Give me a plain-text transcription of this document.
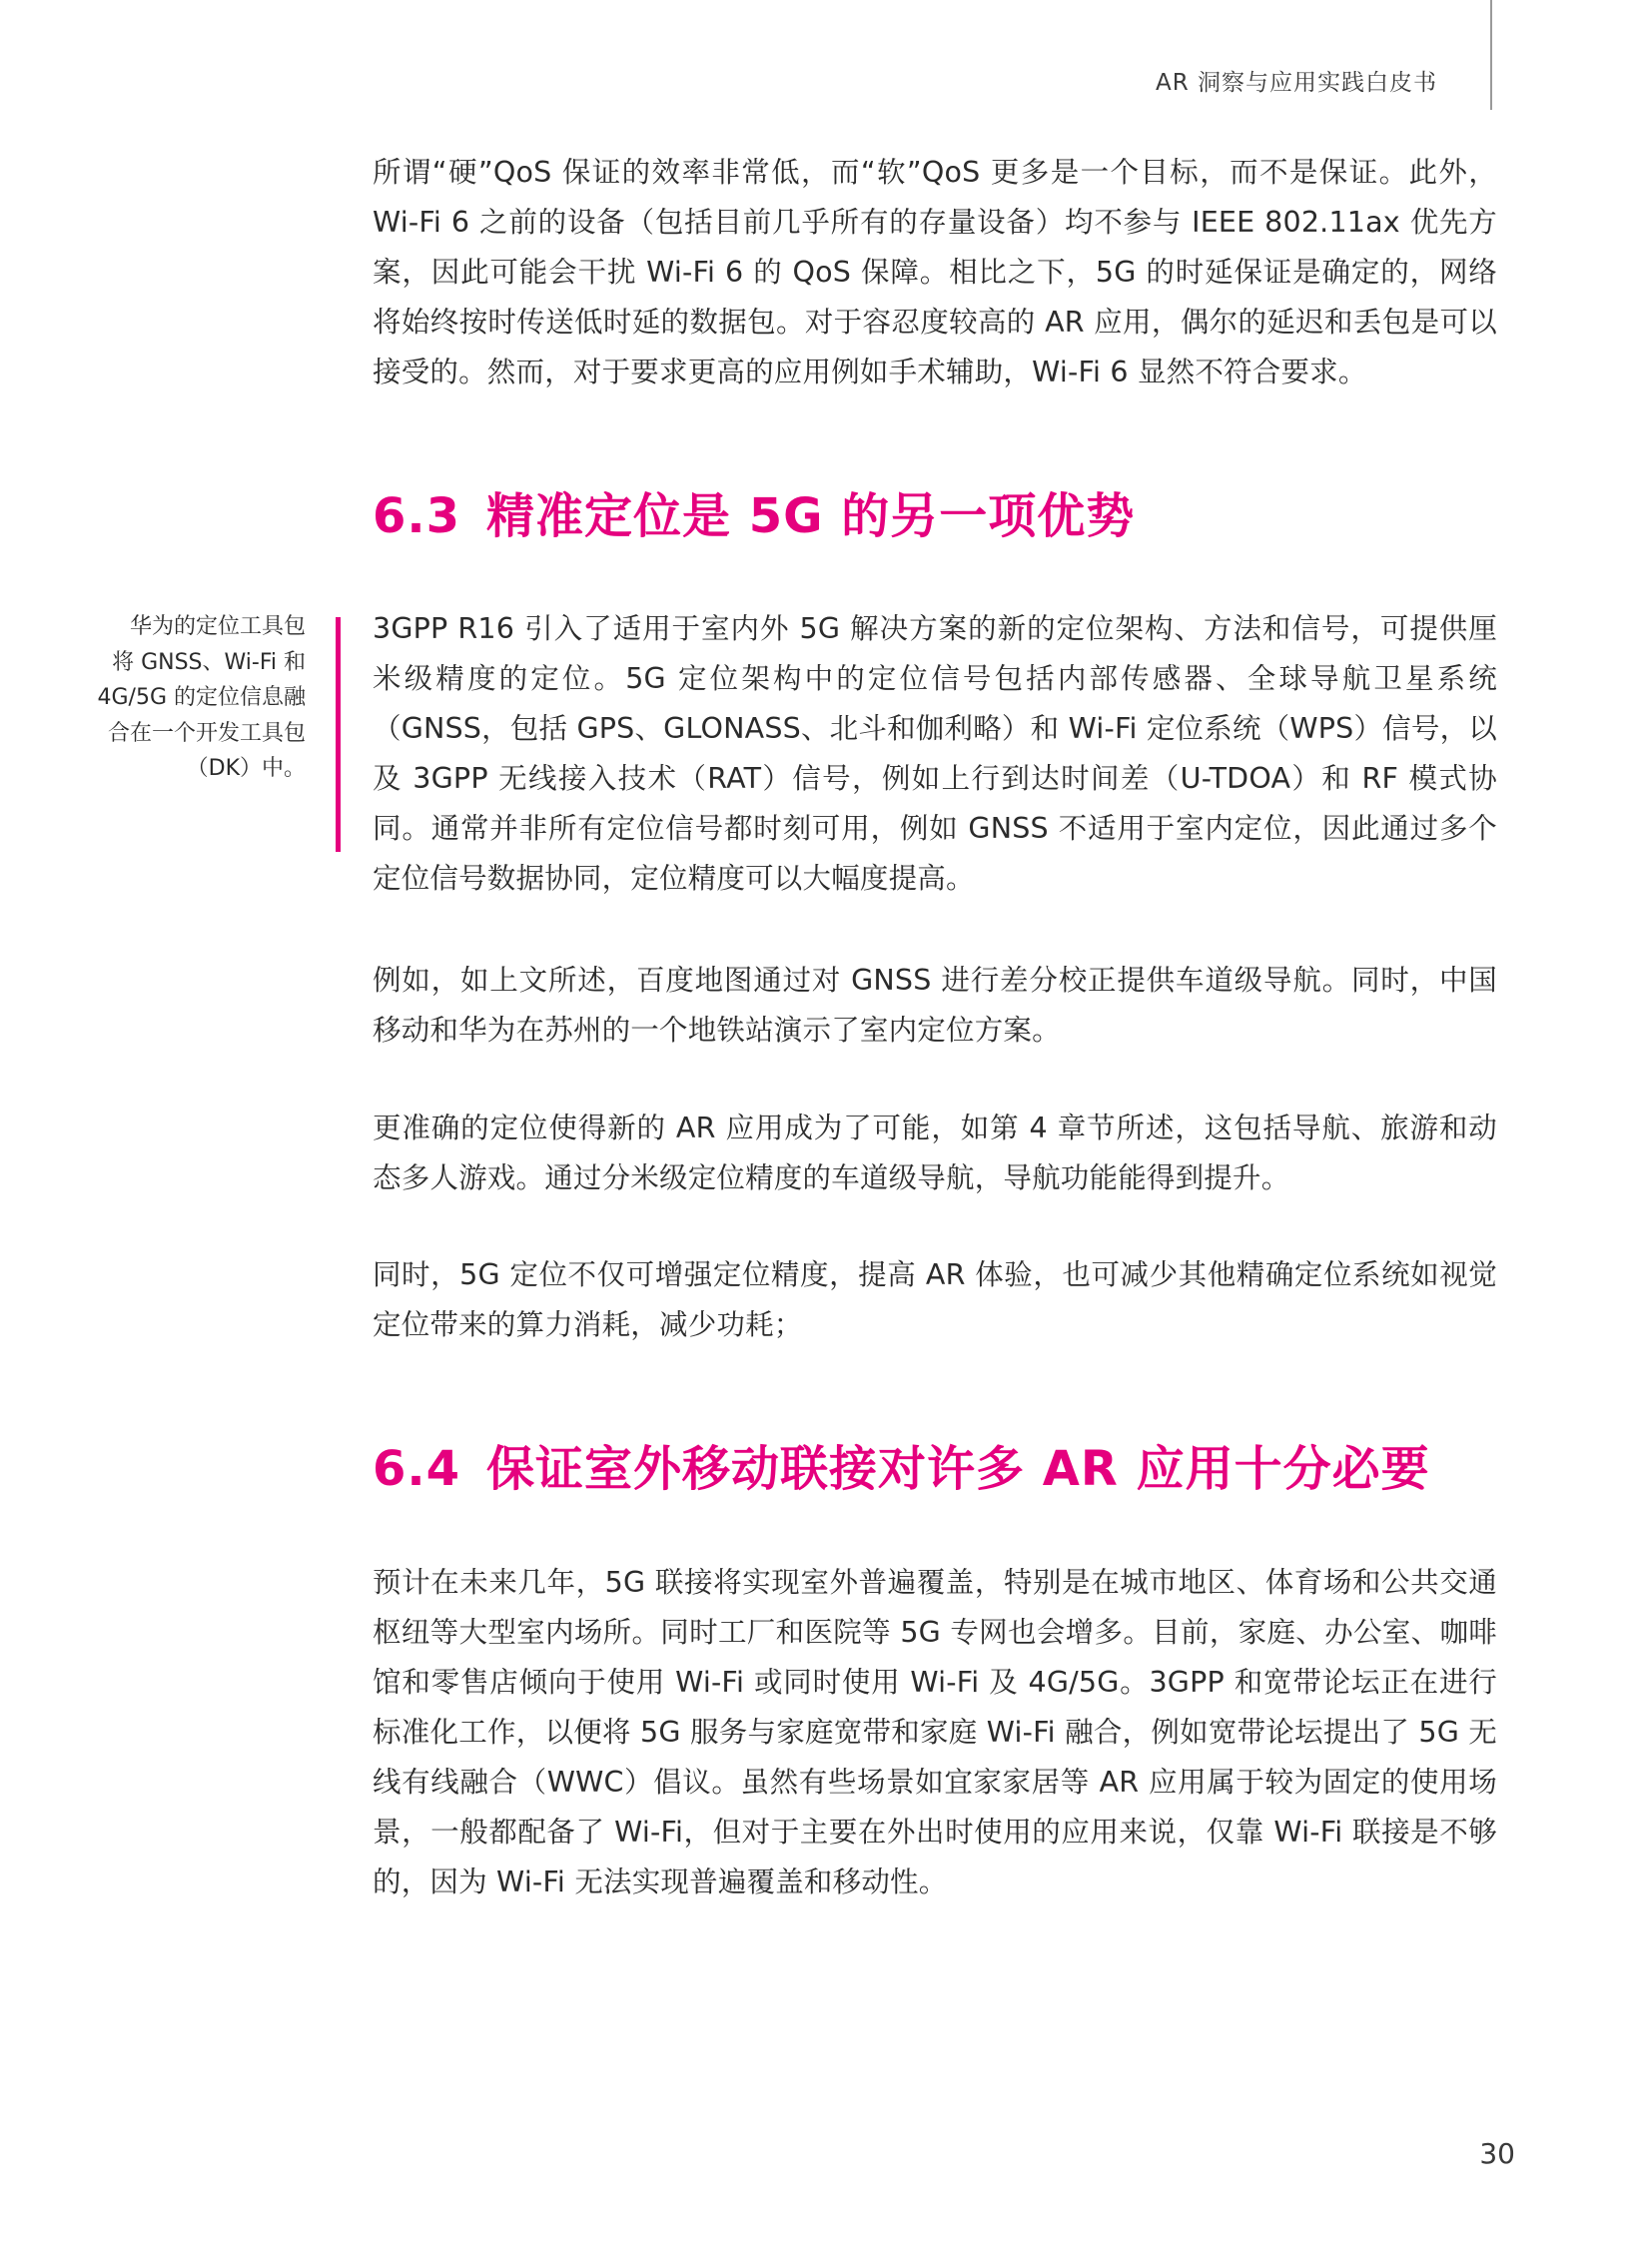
AR 洞察与应用实践白皮书

所谓“硬”QoS 保证的效率非常低，而“软”QoS 更多是一个目标，而不是保证。此外，Wi-Fi 6 之前的设备（包括目前几乎所有的存量设备）均不参与 IEEE 802.11ax 优先方案，因此可能会干扰 Wi-Fi 6 的 QoS 保障。相比之下，5G 的时延保证是确定的，网络将始终按时传送低时延的数据包。对于容忍度较高的 AR 应用，偶尔的延迟和丢包是可以接受的。然而，对于要求更高的应用例如手术辅助，Wi-Fi 6 显然不符合要求。

6.3 精准定位是 5G 的另一项优势

华为的定位工具包

将 GNSS、Wi-Fi 和

4G/5G 的定位信息融

合在一个开发工具包

（DK）中。

3GPP R16 引入了适用于室内外 5G 解决方案的新的定位架构、方法和信号，可提供厘米级精度的定位。5G 定位架构中的定位信号包括内部传感器、全球导航卫星系统（GNSS，包括 GPS、GLONASS、北斗和伽利略）和 Wi-Fi 定位系统（WPS）信号，以及 3GPP 无线接入技术（RAT）信号，例如上行到达时间差（U-TDOA）和 RF 模式协同。通常并非所有定位信号都时刻可用，例如 GNSS 不适用于室内定位，因此通过多个定位信号数据协同，定位精度可以大幅度提高。

例如，如上文所述，百度地图通过对 GNSS 进行差分校正提供车道级导航。同时，中国移动和华为在苏州的一个地铁站演示了室内定位方案。

更准确的定位使得新的 AR 应用成为了可能，如第 4 章节所述，这包括导航、旅游和动态多人游戏。通过分米级定位精度的车道级导航，导航功能能得到提升。

同时，5G 定位不仅可增强定位精度，提高 AR 体验，也可减少其他精确定位系统如视觉定位带来的算力消耗，减少功耗；

6.4 保证室外移动联接对许多 AR 应用十分必要

预计在未来几年，5G 联接将实现室外普遍覆盖，特别是在城市地区、体育场和公共交通枢纽等大型室内场所。同时工厂和医院等 5G 专网也会增多。目前，家庭、办公室、咖啡馆和零售店倾向于使用 Wi-Fi 或同时使用 Wi-Fi 及 4G/5G。3GPP 和宽带论坛正在进行标准化工作，以便将 5G 服务与家庭宽带和家庭 Wi-Fi 融合，例如宽带论坛提出了 5G 无线有线融合（WWC）倡议。虽然有些场景如宜家家居等 AR 应用属于较为固定的使用场景，一般都配备了 Wi-Fi，但对于主要在外出时使用的应用来说，仅靠 Wi-Fi 联接是不够的，因为 Wi-Fi 无法实现普遍覆盖和移动性。

30
